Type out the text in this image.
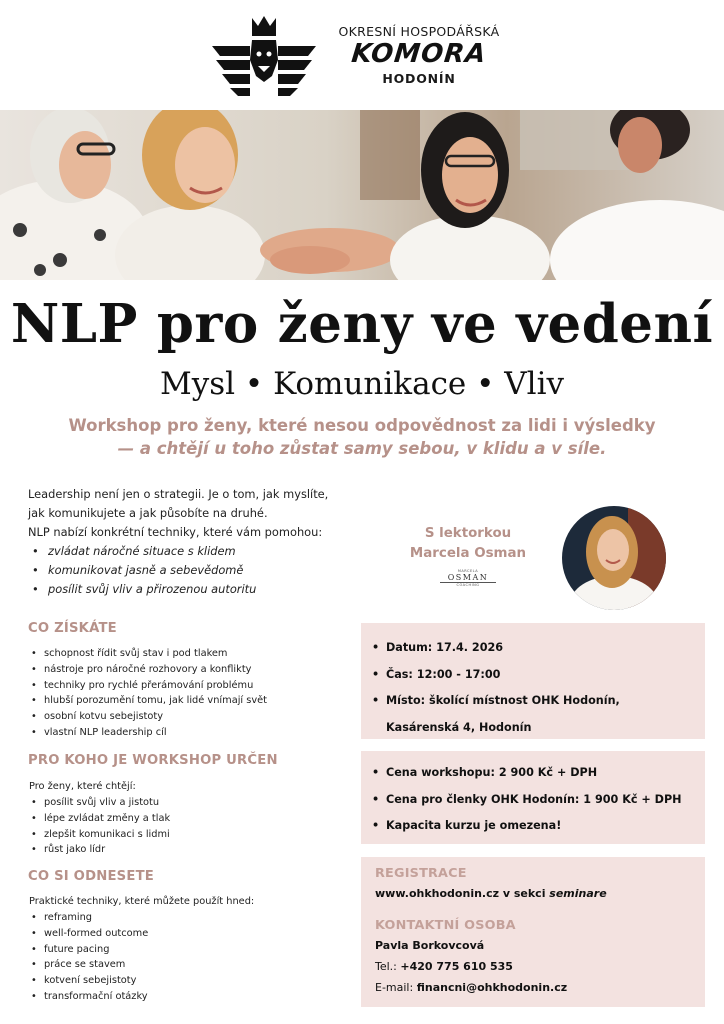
OKRESNÍ HOSPODÁŘSKÁ
KOMORA
HODONÍN
NLP pro ženy ve vedení
Mysl • Komunikace • Vliv
Workshop pro ženy, které nesou odpovědnost za lidi i výsledky
— a chtějí u toho zůstat samy sebou, v klidu a v síle.

Leadership není jen o strategii. Je o tom, jak myslíte,

jak komunikujete a jak působíte na druhé.

NLP nabízí konkrétní techniky, které vám pomohou:

• zvládat náročné situace s klidem
• komunikovat jasně a sebevědomě
• posílit svůj vliv a přirozenou autoritu
S lektorkou
Marcela Osman
MARCELA
OSMAN
COACHING
CO ZÍSKÁTE
• schopnost řídit svůj stav i pod tlakem
• nástroje pro náročné rozhovory a konflikty
• techniky pro rychlé přerámování problému
• hlubší porozumění tomu, jak lidé vnímají svět
• osobní kotvu sebejistoty
• vlastní NLP leadership cíl
PRO KOHO JE WORKSHOP URČEN
Pro ženy, které chtějí:
• posílit svůj vliv a jistotu
• lépe zvládat změny a tlak
• zlepšit komunikaci s lidmi
• růst jako lídr
CO SI ODNESETE
Praktické techniky, které můžete použít hned:
• reframing
• well-formed outcome
• future pacing
• práce se stavem
• kotvení sebejistoty
• transformační otázky
• Datum: 17.4. 2026
• Čas: 12:00 - 17:00
• Místo: školící místnost OHK Hodonín,
Kasárenská 4, Hodonín
• Cena workshopu: 2 900 Kč + DPH
• Cena pro členky OHK Hodonín: 1 900 Kč + DPH
• Kapacita kurzu je omezena!
REGISTRACE
www.ohkhodonin.cz v sekci seminare
KONTAKTNÍ OSOBA
Pavla Borkovcová
Tel.: +420 775 610 535
E-mail: financni@ohkhodonin.cz
